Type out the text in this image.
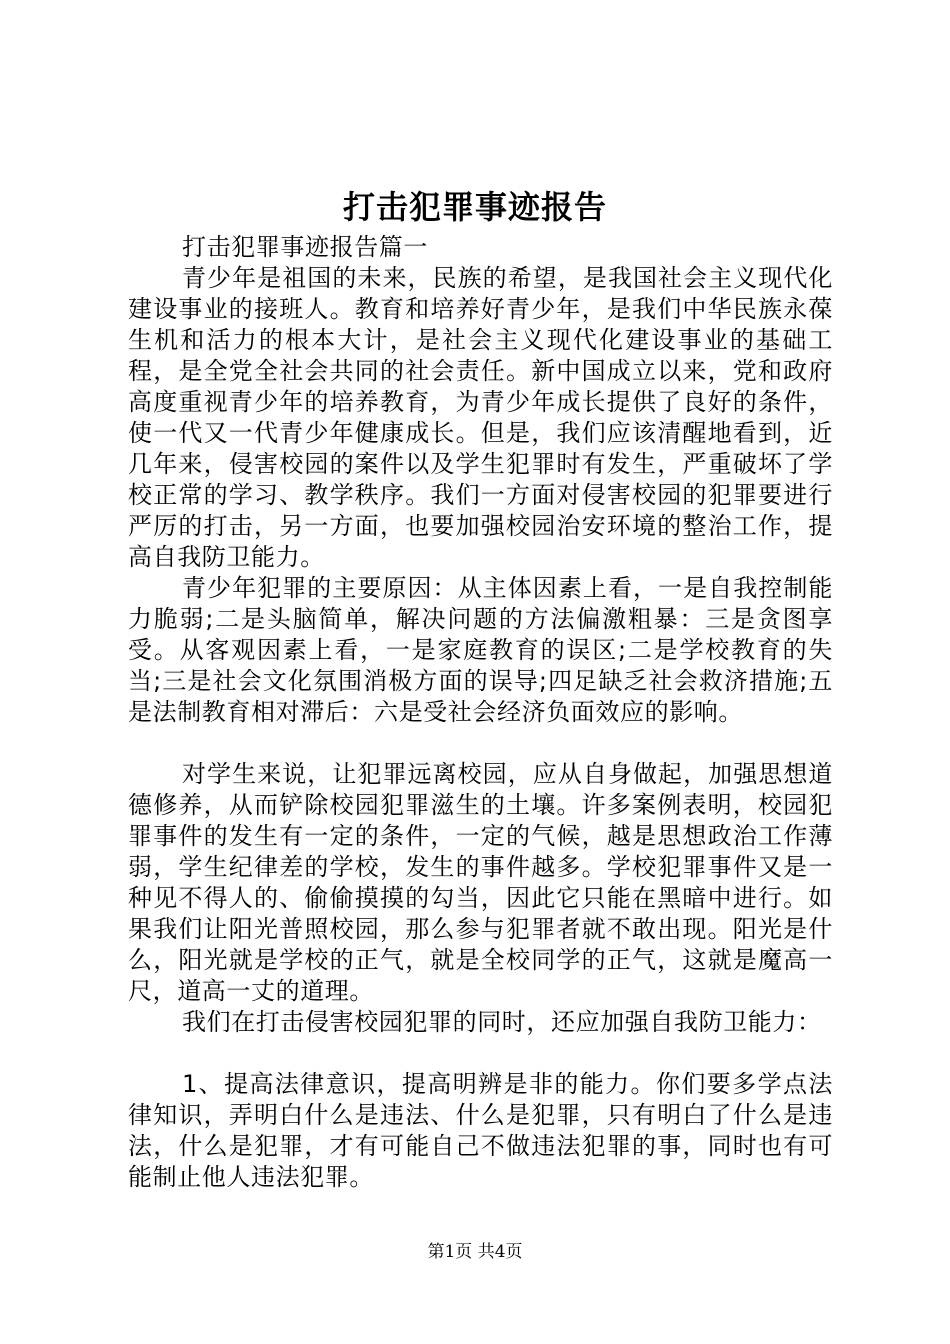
打击犯罪事迹报告

打击犯罪事迹报告篇一

青少年是祖国的未来，民族的希望，是我国社会主义现代化建设事业的接班人。教育和培养好青少年，是我们中华民族永葆生机和活力的根本大计，是社会主义现代化建设事业的基础工程，是全党全社会共同的社会责任。新中国成立以来，党和政府高度重视青少年的培养教育，为青少年成长提供了良好的条件，使一代又一代青少年健康成长。但是，我们应该清醒地看到，近几年来，侵害校园的案件以及学生犯罪时有发生，严重破坏了学校正常的学习、教学秩序。我们一方面对侵害校园的犯罪要进行严厉的打击，另一方面，也要加强校园治安环境的整治工作，提高自我防卫能力。

青少年犯罪的主要原因：从主体因素上看，一是自我控制能力脆弱;二是头脑简单，解决问题的方法偏激粗暴：三是贪图享受。从客观因素上看，一是家庭教育的误区;二是学校教育的失当;三是社会文化氛围消极方面的误导;四足缺乏社会救济措施;五是法制教育相对滞后：六是受社会经济负面效应的影响。

对学生来说，让犯罪远离校园，应从自身做起，加强思想道德修养，从而铲除校园犯罪滋生的土壤。许多案例表明，校园犯罪事件的发生有一定的条件，一定的气候，越是思想政治工作薄弱，学生纪律差的学校，发生的事件越多。学校犯罪事件又是一种见不得人的、偷偷摸摸的勾当，因此它只能在黑暗中进行。如果我们让阳光普照校园，那么参与犯罪者就不敢出现。阳光是什么，阳光就是学校的正气，就是全校同学的正气，这就是魔高一尺，道高一丈的道理。

我们在打击侵害校园犯罪的同时，还应加强自我防卫能力：

1、提高法律意识，提高明辨是非的能力。你们要多学点法律知识，弄明白什么是违法、什么是犯罪，只有明白了什么是违法，什么是犯罪，才有可能自己不做违法犯罪的事，同时也有可能制止他人违法犯罪。

第1页 共4页
